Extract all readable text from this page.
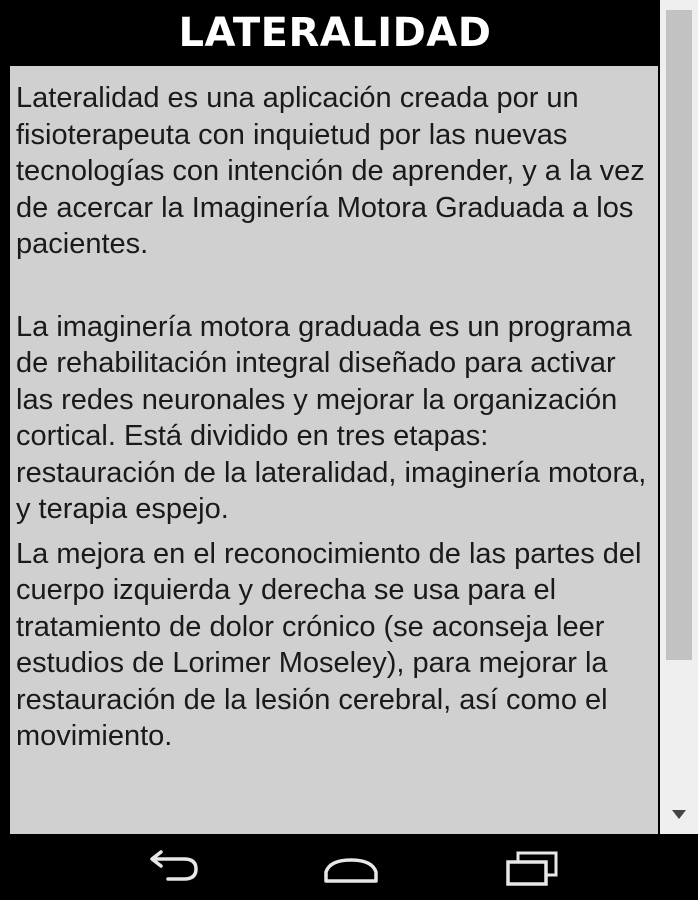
LATERALIDAD

Lateralidad es una aplicación creada por un fisioterapeuta con inquietud por las nuevas tecnologías con intención de aprender, y a la vez de acercar la Imaginería Motora Graduada a los pacientes.

La imaginería motora graduada es un programa de rehabilitación integral diseñado para activar las redes neuronales y mejorar la organización cortical. Está dividido en tres etapas: restauración de la lateralidad, imaginería motora, y terapia espejo.

La mejora en el reconocimiento de las partes del cuerpo izquierda y derecha se usa para el tratamiento de dolor crónico (se aconseja leer estudios de Lorimer Moseley), para mejorar la restauración de la lesión cerebral, así como el movimiento.
